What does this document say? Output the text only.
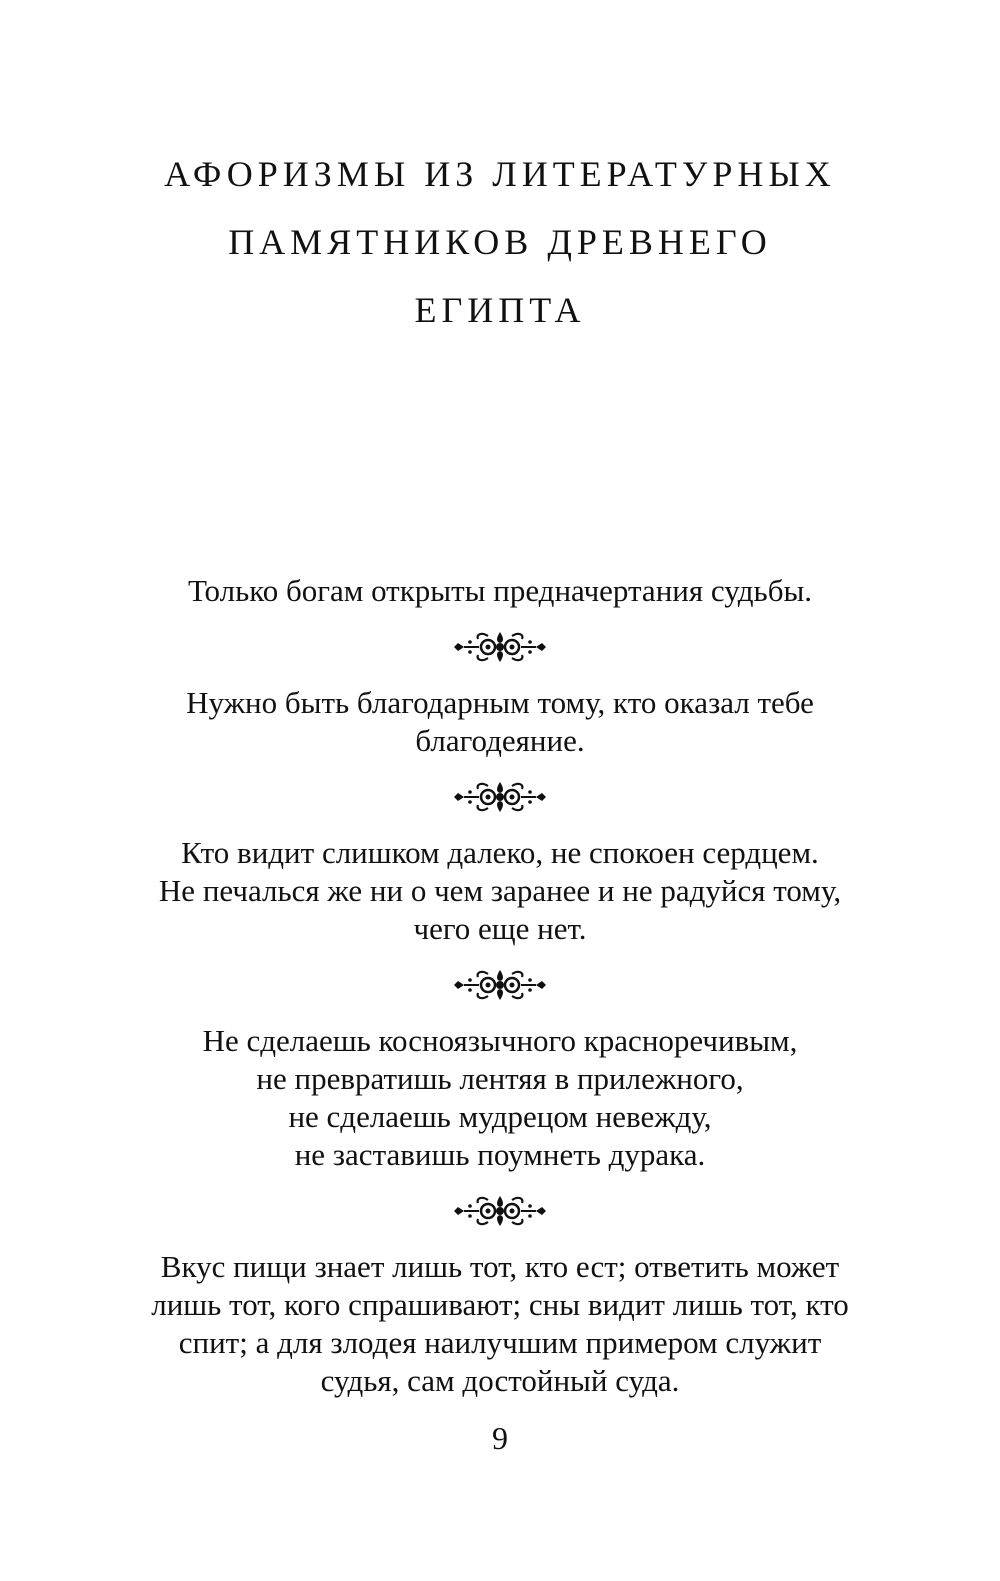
АФОРИЗМЫ ИЗ ЛИТЕРАТУРНЫХ
ПАМЯТНИКОВ ДРЕВНЕГО
ЕГИПТА

Только богам открыты предначертания судьбы.

Нужно быть благодарным тому, кто оказал тебе
благодеяние.

Кто видит слишком далеко, не спокоен сердцем.
Не печалься же ни о чем заранее и не радуйся тому,
чего еще нет.

Не сделаешь косноязычного красноречивым,
не превратишь лентяя в прилежного,
не сделаешь мудрецом невежду,
не заставишь поумнеть дурака.

Вкус пищи знает лишь тот, кто ест; ответить может
лишь тот, кого спрашивают; сны видит лишь тот, кто
спит; а для злодея наилучшим примером служит
судья, сам достойный суда.

9
